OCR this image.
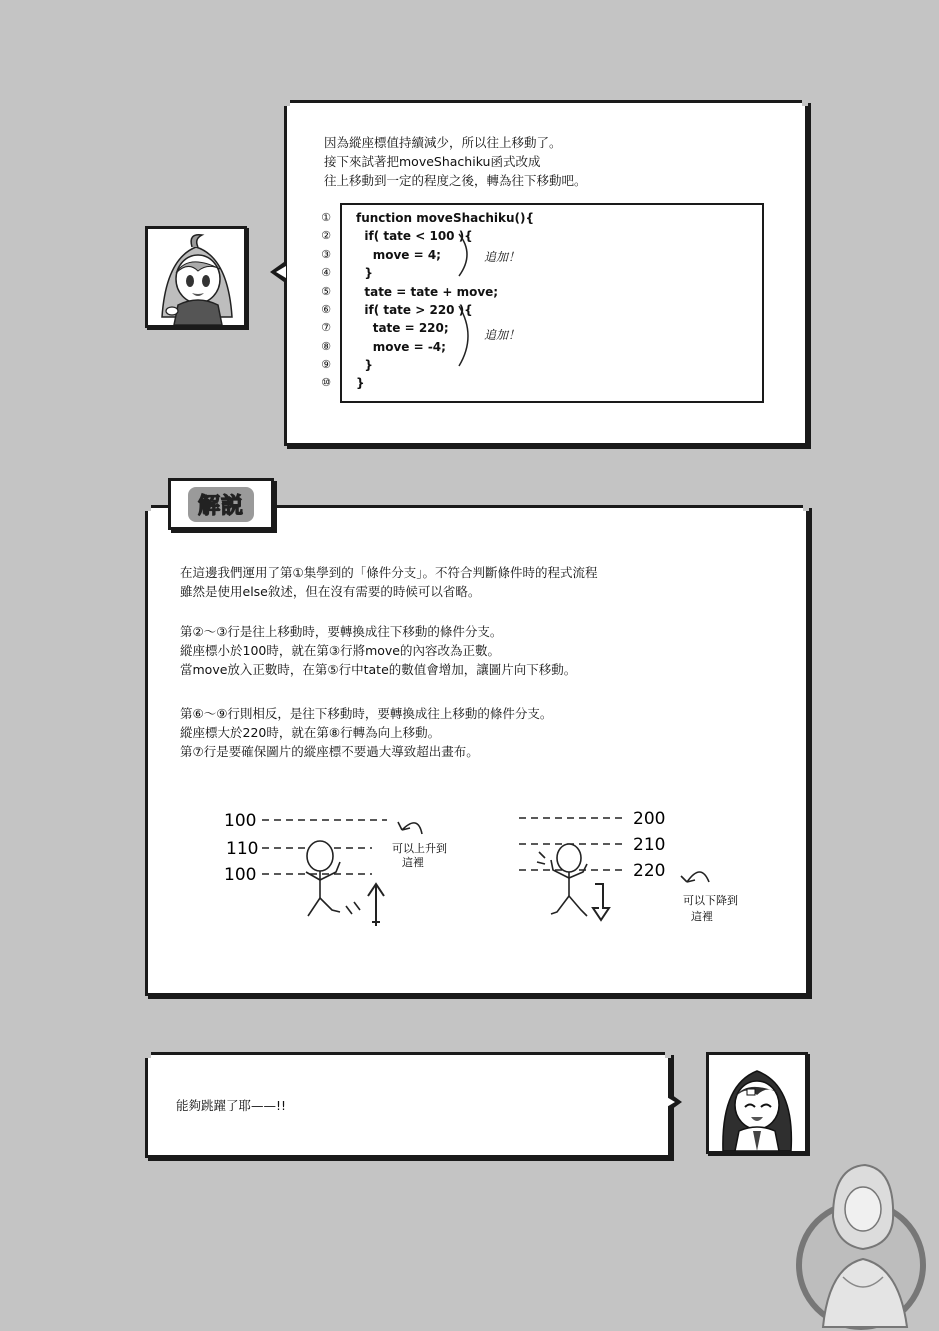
因為縱座標值持續減少，所以往上移動了。
接下來試著把moveShachiku函式改成
往上移動到一定的程度之後，轉為往下移動吧。
①
②
③
④
⑤
⑥
⑦
⑧
⑨
⑩
function moveShachiku(){
if( tate < 100 ){
move = 4;
}
tate = tate + move;
if( tate > 220 ){
tate = 220;
move = -4;
}
}
追加！
追加！
解説
在這邊我們運用了第①集學到的「條件分支」。不符合判斷條件時的程式流程
雖然是使用else敘述，但在沒有需要的時候可以省略。
第②～③行是往上移動時，要轉換成往下移動的條件分支。
縱座標小於100時，就在第③行將move的內容改為正數。
當move放入正數時，在第⑤行中tate的數值會增加，讓圖片向下移動。
第⑥～⑨行則相反，是往下移動時，要轉換成往上移動的條件分支。
縱座標大於220時，就在第⑧行轉為向上移動。
第⑦行是要確保圖片的縱座標不要過大導致超出畫布。
100
110
100
可以上升到
這裡
200
210
220
可以下降到
這裡
能夠跳躍了耶——!!
